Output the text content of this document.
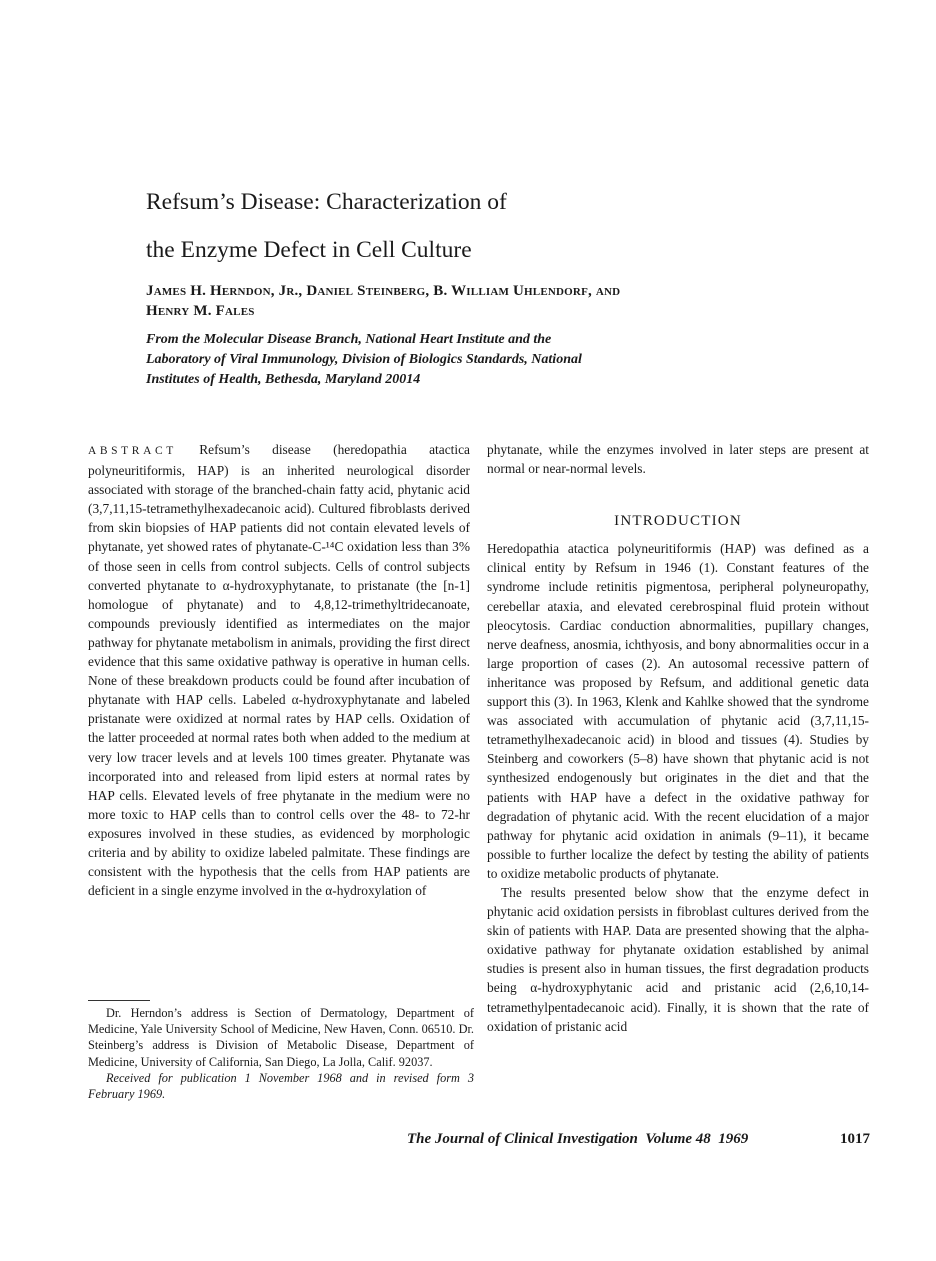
Refsum’s Disease: Characterization of
the Enzyme Defect in Cell Culture
James H. Herndon, Jr., Daniel Steinberg, B. William Uhlendorf, and
Henry M. Fales
From the Molecular Disease Branch, National Heart Institute and the
Laboratory of Viral Immunology, Division of Biologics Standards, National
Institutes of Health, Bethesda, Maryland 20014

ABSTRACT Refsum’s disease (heredopathia atactica polyneuritiformis, HAP) is an inherited neurological disorder associated with storage of the branched-chain fatty acid, phytanic acid (3,7,11,15-tetramethylhexadecanoic acid). Cultured fibroblasts derived from skin biopsies of HAP patients did not contain elevated levels of phytanate, yet showed rates of phytanate-C-¹⁴C oxidation less than 3% of those seen in cells from control subjects. Cells of control subjects converted phytanate to α-hydroxyphytanate, to pristanate (the [n-1] homologue of phytanate) and to 4,8,12-trimethyltridecanoate, compounds previously identified as intermediates on the major pathway for phytanate metabolism in animals, providing the first direct evidence that this same oxidative pathway is operative in human cells. None of these breakdown products could be found after incubation of phytanate with HAP cells. Labeled α-hydroxyphytanate and labeled pristanate were oxidized at normal rates by HAP cells. Oxidation of the latter proceeded at normal rates both when added to the medium at very low tracer levels and at levels 100 times greater. Phytanate was incorporated into and released from lipid esters at normal rates by HAP cells. Elevated levels of free phytanate in the medium were no more toxic to HAP cells than to control cells over the 48- to 72-hr exposures involved in these studies, as evidenced by morphologic criteria and by ability to oxidize labeled palmitate. These findings are consistent with the hypothesis that the cells from HAP patients are deficient in a single enzyme involved in the α-hydroxylation of

Dr. Herndon’s address is Section of Dermatology, Department of Medicine, Yale University School of Medicine, New Haven, Conn. 06510. Dr. Steinberg’s address is Division of Metabolic Disease, Department of Medicine, University of California, San Diego, La Jolla, Calif. 92037.

Received for publication 1 November 1968 and in revised form 3 February 1969.

phytanate, while the enzymes involved in later steps are present at normal or near-normal levels.

INTRODUCTION

Heredopathia atactica polyneuritiformis (HAP) was defined as a clinical entity by Refsum in 1946 (1). Constant features of the syndrome include retinitis pigmentosa, peripheral polyneuropathy, cerebellar ataxia, and elevated cerebrospinal fluid protein without pleocytosis. Cardiac conduction abnormalities, pupillary changes, nerve deafness, anosmia, ichthyosis, and bony abnormalities occur in a large proportion of cases (2). An autosomal recessive pattern of inheritance was proposed by Refsum, and additional genetic data support this (3). In 1963, Klenk and Kahlke showed that the syndrome was associated with accumulation of phytanic acid (3,7,11,15-tetramethylhexadecanoic acid) in blood and tissues (4). Studies by Steinberg and coworkers (5–8) have shown that phytanic acid is not synthesized endogenously but originates in the diet and that the patients with HAP have a defect in the oxidative pathway for degradation of phytanic acid. With the recent elucidation of a major pathway for phytanic acid oxidation in animals (9–11), it became possible to further localize the defect by testing the ability of patients to oxidize metabolic products of phytanate.

The results presented below show that the enzyme defect in phytanic acid oxidation persists in fibroblast cultures derived from the skin of patients with HAP. Data are presented showing that the alpha-oxidative pathway for phytanate oxidation established by animal studies is present also in human tissues, the first degradation products being α-hydroxyphytanic acid and pristanic acid (2,6,10,14-tetramethylpentadecanoic acid). Finally, it is shown that the rate of oxidation of pristanic acid

The Journal of Clinical Investigation  Volume 48  1969	1017
